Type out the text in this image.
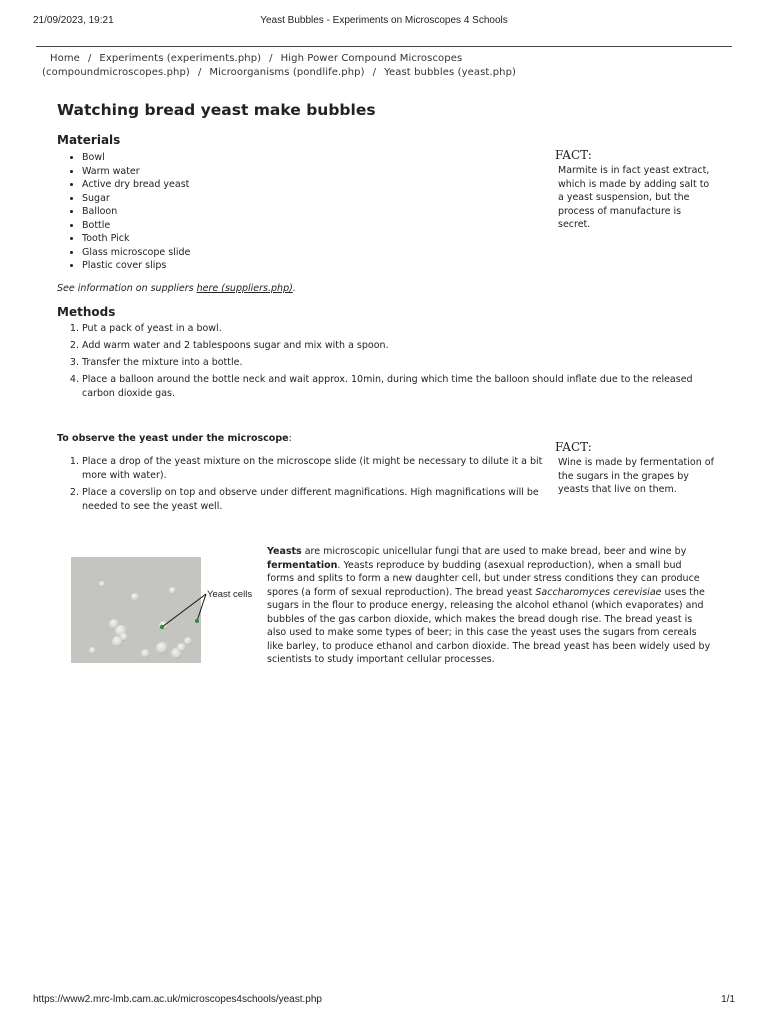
21/09/2023, 19:21	Yeast Bubbles - Experiments on Microscopes 4 Schools
Home / Experiments (experiments.php) / High Power Compound Microscopes (compoundmicroscopes.php) / Microorganisms (pondlife.php) / Yeast bubbles (yeast.php)
Watching bread yeast make bubbles
Materials
• Bowl
• Warm water
• Active dry bread yeast
• Sugar
• Balloon
• Bottle
• Tooth Pick
• Glass microscope slide
• Plastic cover slips
See information on suppliers here (suppliers.php).
Methods
1. Put a pack of yeast in a bowl.
2. Add warm water and 2 tablespoons sugar and mix with a spoon.
3. Transfer the mixture into a bottle.
4. Place a balloon around the bottle neck and wait approx. 10min, during which time the balloon should inflate due to the released carbon dioxide gas.
To observe the yeast under the microscope:
1. Place a drop of the yeast mixture on the microscope slide (it might be necessary to dilute it a bit more with water).
2. Place a coverslip on top and observe under different magnifications. High magnifications will be needed to see the yeast well.
FACT:
Marmite is in fact yeast extract, which is made by adding salt to a yeast suspension, but the process of manufacture is secret.
FACT:
Wine is made by fermentation of the sugars in the grapes by yeasts that live on them.
Yeast cells
Yeasts are microscopic unicellular fungi that are used to make bread, beer and wine by fermentation. Yeasts reproduce by budding (asexual reproduction), when a small bud forms and splits to form a new daughter cell, but under stress conditions they can produce spores (a form of sexual reproduction). The bread yeast Saccharomyces cerevisiae uses the sugars in the flour to produce energy, releasing the alcohol ethanol (which evaporates) and bubbles of the gas carbon dioxide, which makes the bread dough rise. The bread yeast is also used to make some types of beer; in this case the yeast uses the sugars from cereals like barley, to produce ethanol and carbon dioxide. The bread yeast has been widely used by scientists to study important cellular processes.
https://www2.mrc-lmb.cam.ac.uk/microscopes4schools/yeast.php	1/1
